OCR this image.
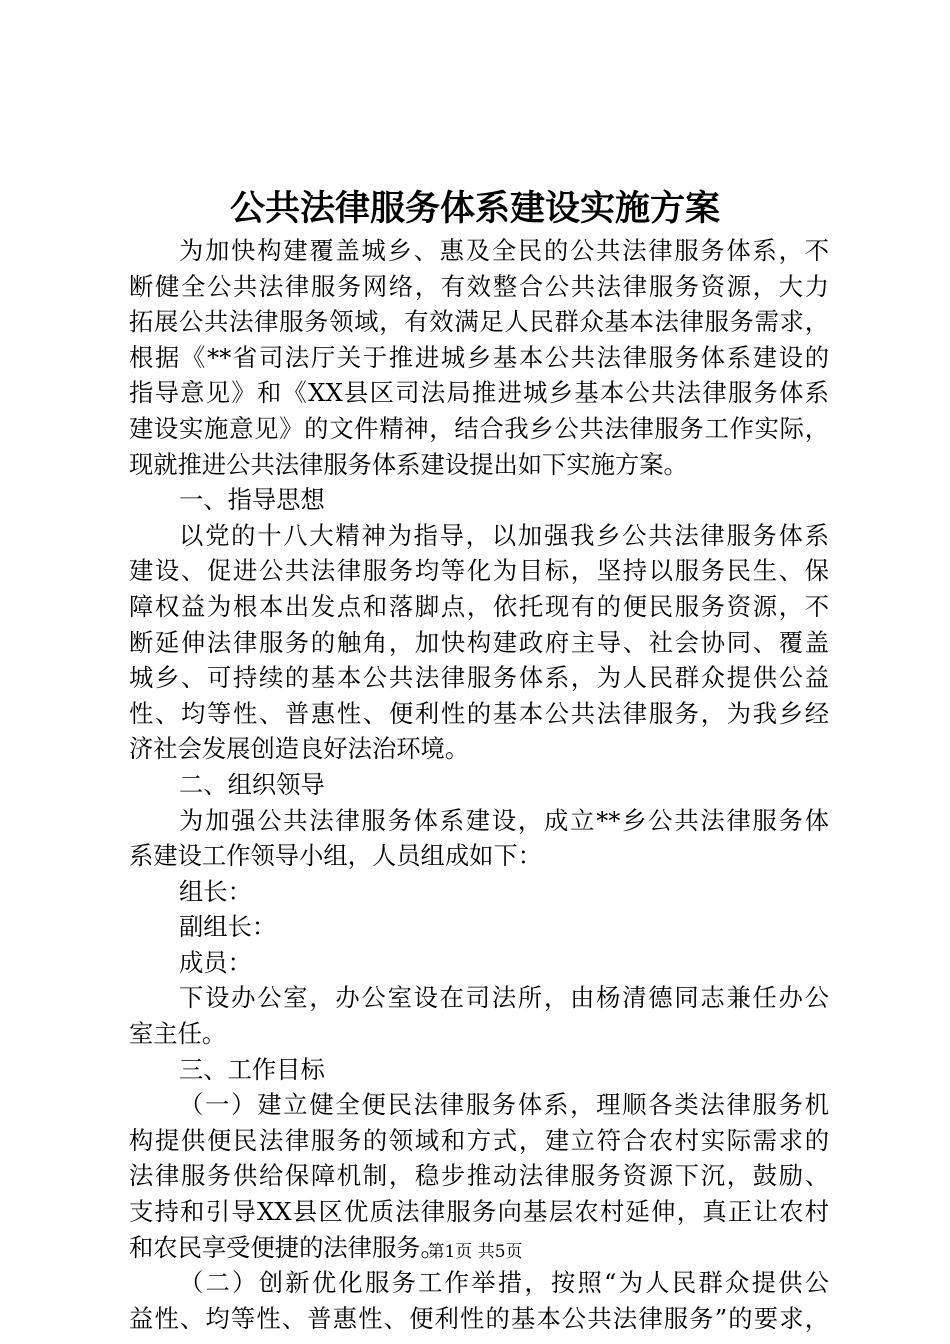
公共法律服务体系建设实施方案
为加快构建覆盖城乡、惠及全民的公共法律服务体系，不
断健全公共法律服务网络，有效整合公共法律服务资源，大力
拓展公共法律服务领域，有效满足人民群众基本法律服务需求，
根据《**省司法厅关于推进城乡基本公共法律服务体系建设的
指导意见》和《XX县区司法局推进城乡基本公共法律服务体系
建设实施意见》的文件精神，结合我乡公共法律服务工作实际，
现就推进公共法律服务体系建设提出如下实施方案。
一、指导思想
以党的十八大精神为指导，以加强我乡公共法律服务体系
建设、促进公共法律服务均等化为目标，坚持以服务民生、保
障权益为根本出发点和落脚点，依托现有的便民服务资源，不
断延伸法律服务的触角，加快构建政府主导、社会协同、覆盖
城乡、可持续的基本公共法律服务体系，为人民群众提供公益
性、均等性、普惠性、便利性的基本公共法律服务，为我乡经
济社会发展创造良好法治环境。
二、组织领导
为加强公共法律服务体系建设，成立**乡公共法律服务体
系建设工作领导小组，人员组成如下：
组长：
副组长：
成员：
下设办公室，办公室设在司法所，由杨清德同志兼任办公
室主任。
三、工作目标
（一）建立健全便民法律服务体系，理顺各类法律服务机
构提供便民法律服务的领域和方式，建立符合农村实际需求的
法律服务供给保障机制，稳步推动法律服务资源下沉，鼓励、
支持和引导XX县区优质法律服务向基层农村延伸，真正让农村
和农民享受便捷的法律服务。
（二）创新优化服务工作举措，按照“为人民群众提供公
益性、均等性、普惠性、便利性的基本公共法律服务”的要求，
第1页 共5页
